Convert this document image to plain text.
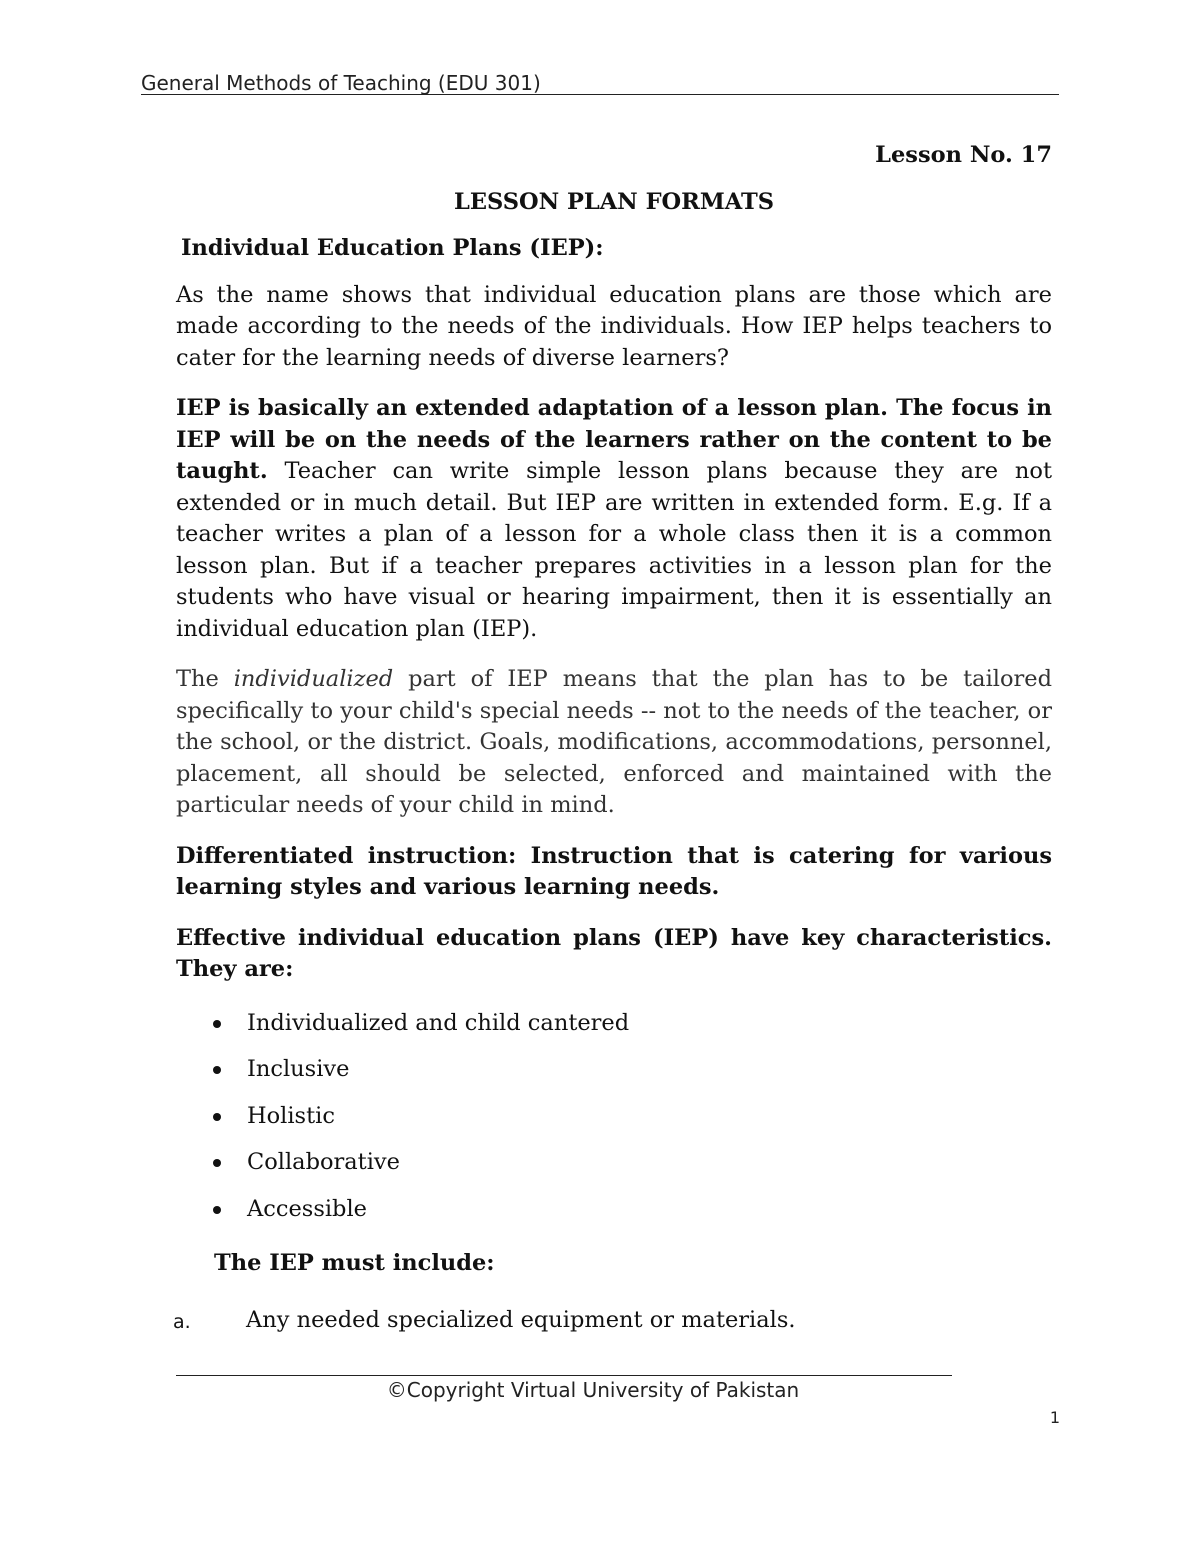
General Methods of Teaching (EDU 301)
Lesson No. 17
LESSON PLAN FORMATS
Individual Education Plans (IEP):

As the name shows that individual education plans are those which are made according to the needs of the individuals. How IEP helps teachers to cater for the learning needs of diverse learners?

IEP is basically an extended adaptation of a lesson plan. The focus in IEP will be on the needs of the learners rather on the content to be taught. Teacher can write simple lesson plans because they are not extended or in much detail. But IEP are written in extended form. E.g. If a teacher writes a plan of a lesson for a whole class then it is a common lesson plan. But if a teacher prepares activities in a lesson plan for the students who have visual or hearing impairment, then it is essentially an individual education plan (IEP).

The individualized part of IEP means that the plan has to be tailored specifically to your child's special needs -- not to the needs of the teacher, or the school, or the district. Goals, modifications, accommodations, personnel, placement, all should be selected, enforced and maintained with the particular needs of your child in mind.

Differentiated instruction: Instruction that is catering for various learning styles and various learning needs.

Effective individual education plans (IEP) have key characteristics. They are:

Individualized and child cantered
Inclusive
Holistic
Collaborative
Accessible
The IEP must include:
a. Any needed specialized equipment or materials.
©Copyright Virtual University of Pakistan
1
